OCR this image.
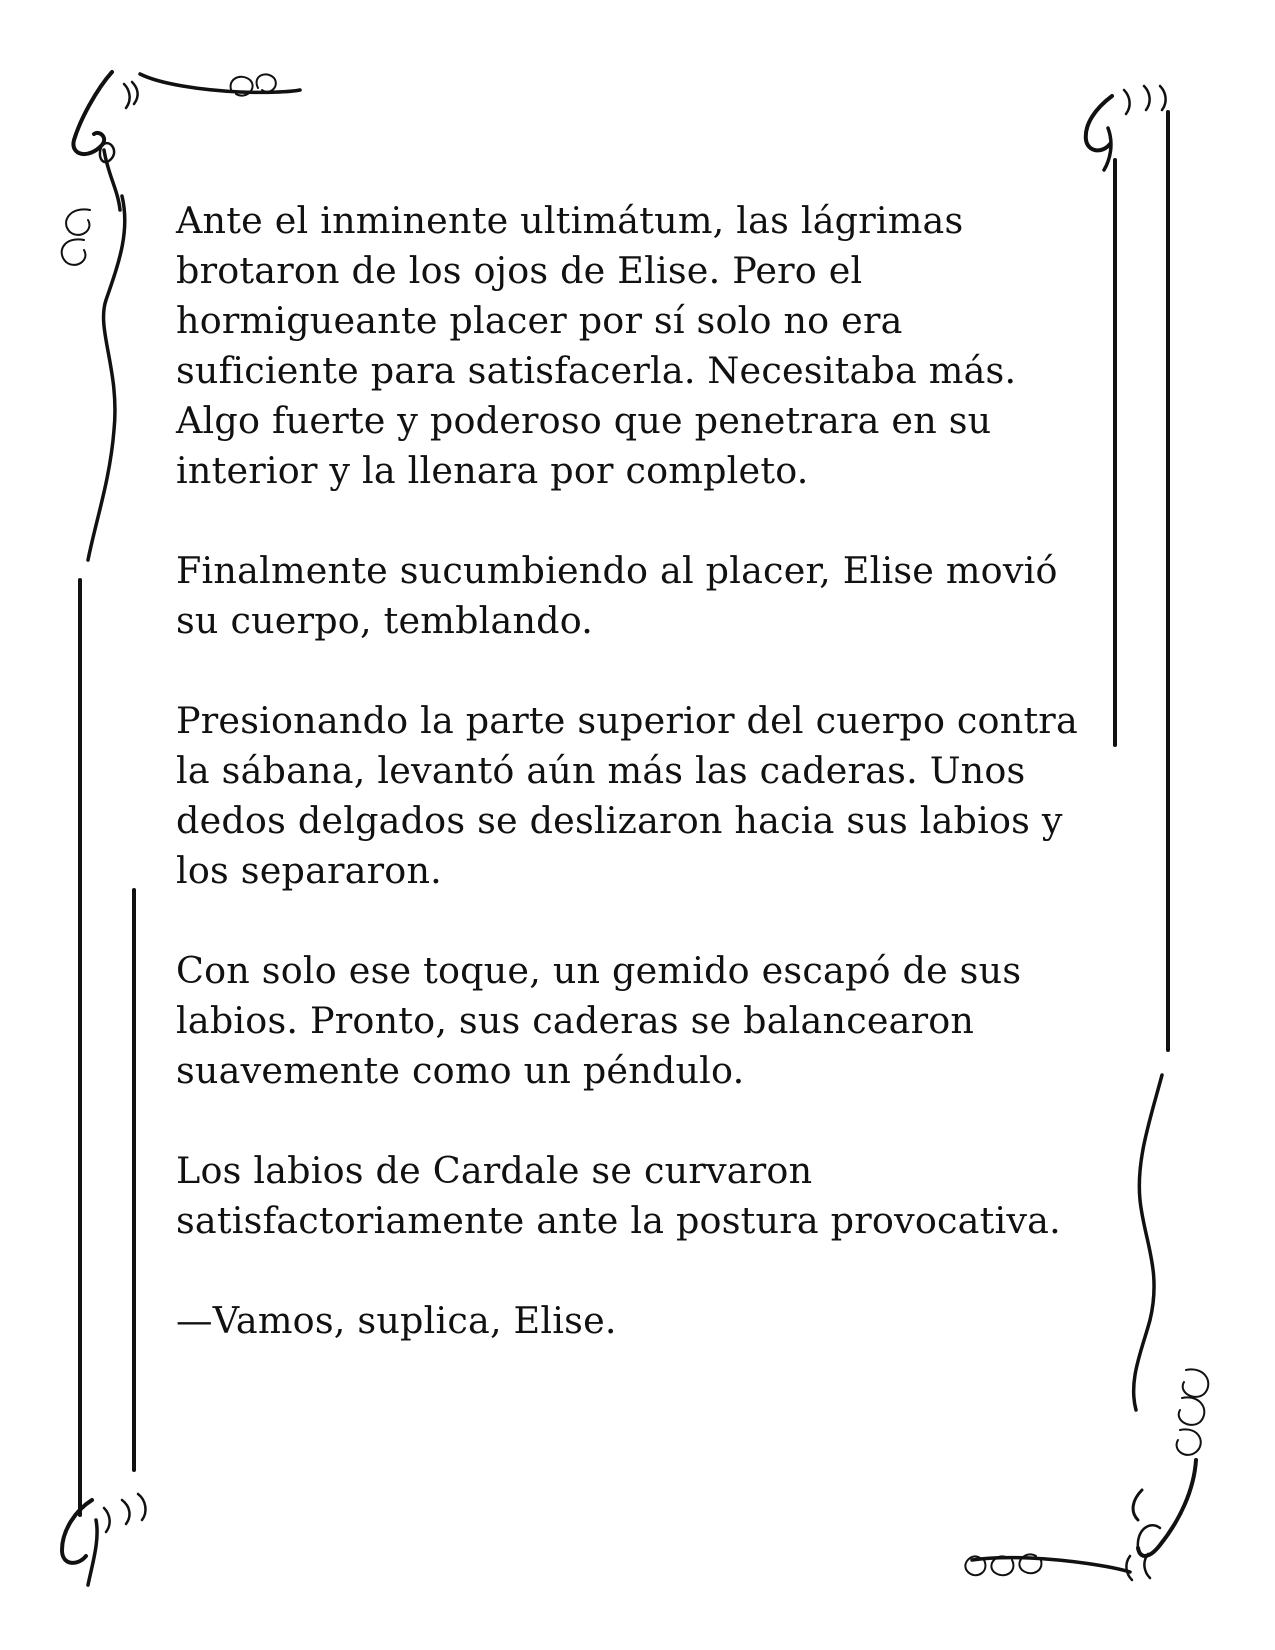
Ante el inminente ultimátum, las lágrimas
brotaron de los ojos de Elise. Pero el
hormigueante placer por sí solo no era
suficiente para satisfacerla. Necesitaba más.
Algo fuerte y poderoso que penetrara en su
interior y la llenara por completo.

Finalmente sucumbiendo al placer, Elise movió
su cuerpo, temblando.

Presionando la parte superior del cuerpo contra
la sábana, levantó aún más las caderas. Unos
dedos delgados se deslizaron hacia sus labios y
los separaron.

Con solo ese toque, un gemido escapó de sus
labios. Pronto, sus caderas se balancearon
suavemente como un péndulo.

Los labios de Cardale se curvaron
satisfactoriamente ante la postura provocativa.

—Vamos, suplica, Elise.
